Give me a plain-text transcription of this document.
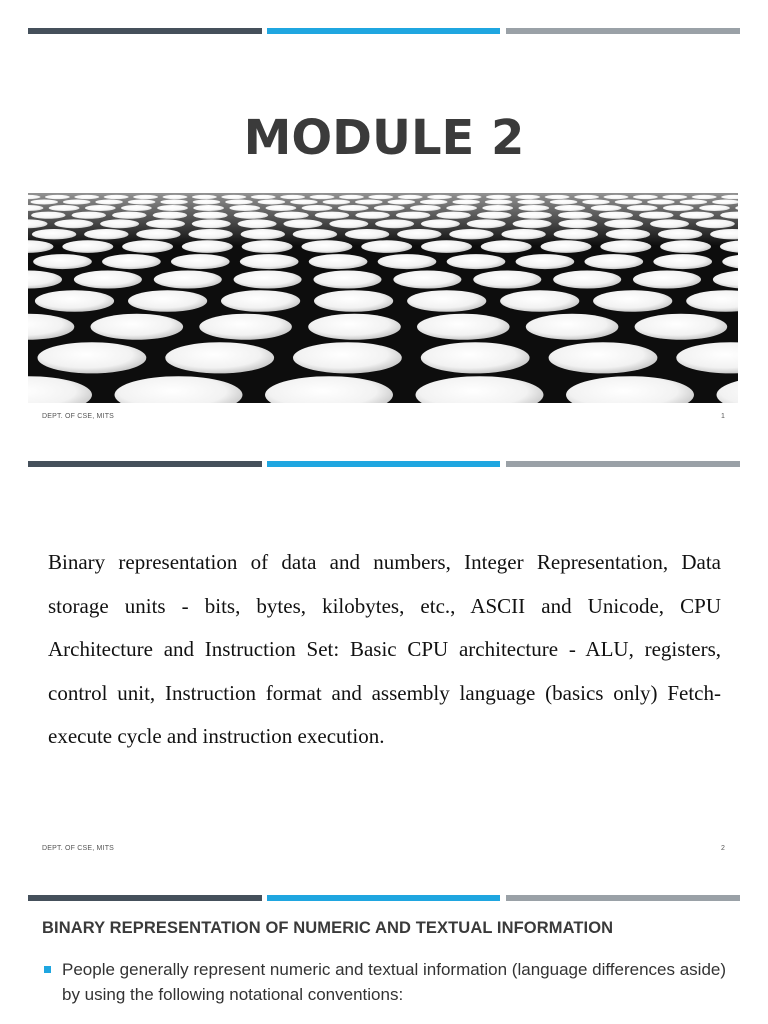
MODULE 2
DEPT. OF CSE, MITS	1
Binary representation of data and numbers, Integer Representation, Data storage units - bits, bytes, kilobytes, etc., ASCII and Unicode, CPU Architecture and Instruction Set: Basic CPU architecture - ALU, registers, control unit, Instruction format and assembly language (basics only) Fetch-execute cycle and instruction execution.
DEPT. OF CSE, MITS	2
BINARY REPRESENTATION OF NUMERIC AND TEXTUAL INFORMATION
People generally represent numeric and textual information (language differences aside) by using the following notational conventions:
